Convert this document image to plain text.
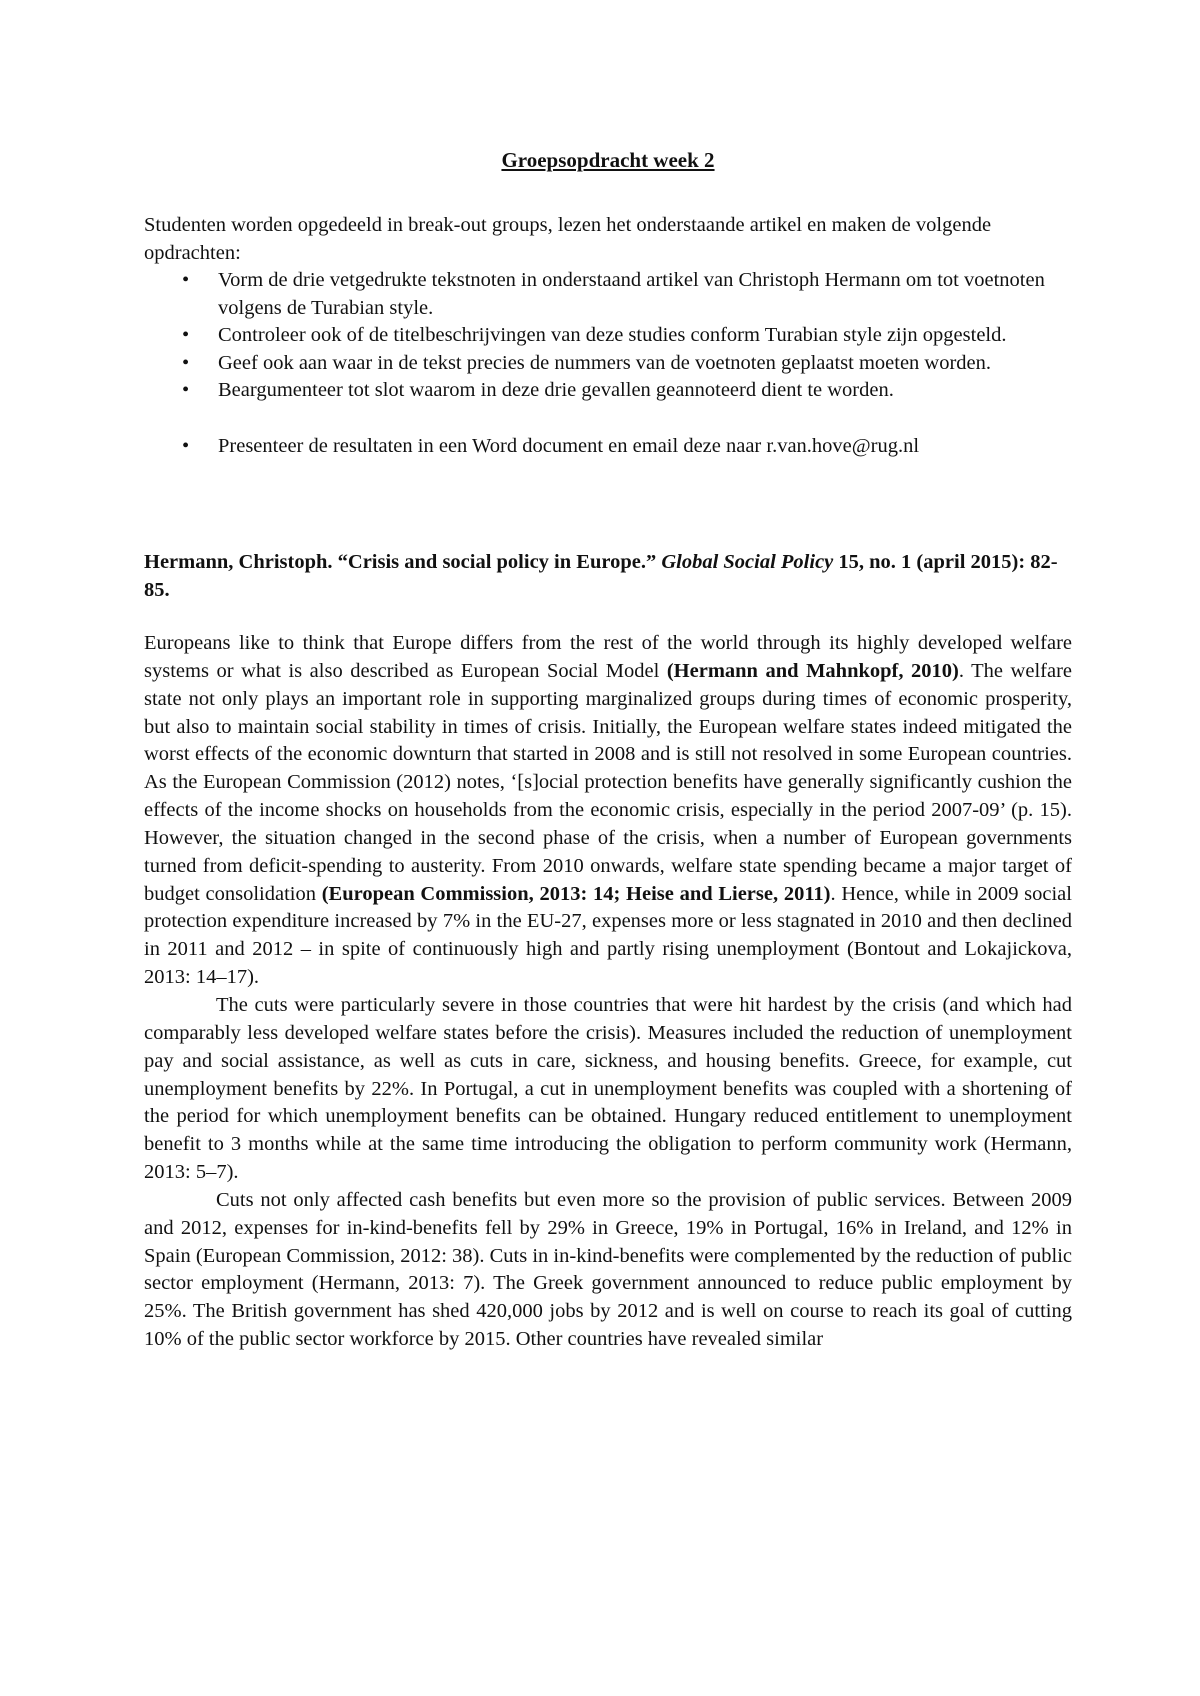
Groepsopdracht week 2

Studenten worden opgedeeld in break-out groups, lezen het onderstaande artikel en maken de volgende opdrachten:

• Vorm de drie vetgedrukte tekstnoten in onderstaand artikel van Christoph Hermann om tot voetnoten volgens de Turabian style.
• Controleer ook of de titelbeschrijvingen van deze studies conform Turabian style zijn opgesteld.
• Geef ook aan waar in de tekst precies de nummers van de voetnoten geplaatst moeten worden.
• Beargumenteer tot slot waarom in deze drie gevallen geannoteerd dient te worden.
• Presenteer de resultaten in een Word document en email deze naar r.van.hove@rug.nl
Hermann, Christoph. “Crisis and social policy in Europe.” Global Social Policy 15, no. 1 (april 2015): 82-85.

Europeans like to think that Europe differs from the rest of the world through its highly developed welfare systems or what is also described as European Social Model (Hermann and Mahnkopf, 2010). The welfare state not only plays an important role in supporting marginalized groups during times of economic prosperity, but also to maintain social stability in times of crisis. Initially, the European welfare states indeed mitigated the worst effects of the economic downturn that started in 2008 and is still not resolved in some European countries. As the European Commission (2012) notes, ‘[s]ocial protection benefits have generally significantly cushion the effects of the income shocks on households from the economic crisis, especially in the period 2007-09’ (p. 15). However, the situation changed in the second phase of the crisis, when a number of European governments turned from deficit-spending to austerity. From 2010 onwards, welfare state spending became a major target of budget consolidation (European Commission, 2013: 14; Heise and Lierse, 2011). Hence, while in 2009 social protection expenditure increased by 7% in the EU-27, expenses more or less stagnated in 2010 and then declined in 2011 and 2012 – in spite of continuously high and partly rising unemployment (Bontout and Lokajickova, 2013: 14–17).

The cuts were particularly severe in those countries that were hit hardest by the crisis (and which had comparably less developed welfare states before the crisis). Measures included the reduction of unemployment pay and social assistance, as well as cuts in care, sickness, and housing benefits. Greece, for example, cut unemployment benefits by 22%. In Portugal, a cut in unemployment benefits was coupled with a shortening of the period for which unemployment benefits can be obtained. Hungary reduced entitlement to unemployment benefit to 3 months while at the same time introducing the obligation to perform community work (Hermann, 2013: 5–7).

Cuts not only affected cash benefits but even more so the provision of public services. Between 2009 and 2012, expenses for in-kind-benefits fell by 29% in Greece, 19% in Portugal, 16% in Ireland, and 12% in Spain (European Commission, 2012: 38). Cuts in in-kind-benefits were complemented by the reduction of public sector employment (Hermann, 2013: 7). The Greek government announced to reduce public employment by 25%. The British government has shed 420,000 jobs by 2012 and is well on course to reach its goal of cutting 10% of the public sector workforce by 2015. Other countries have revealed similar
